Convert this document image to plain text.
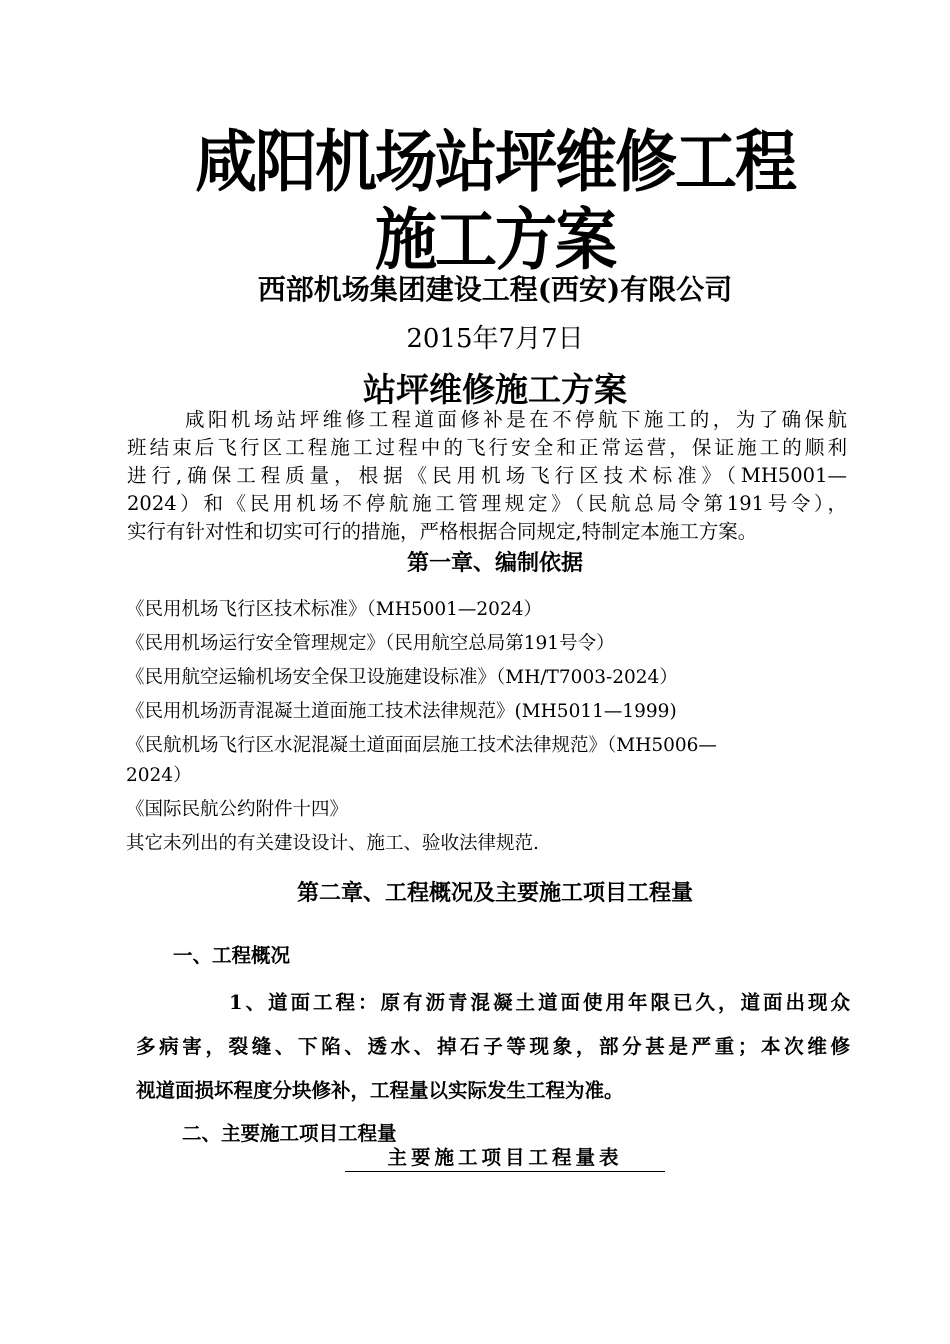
咸阳机场站坪维修工程
施工方案
西部机场集团建设工程(西安)有限公司
2015年7月7日
站坪维修施工方案

咸阳机场站坪维修工程道面修补是在不停航下施工的，为了确保航

班结束后飞行区工程施工过程中的飞行安全和正常运营，保证施工的顺利

进行,确保工程质量，根据《民用机场飞行区技术标准》（MH5001—

2024）和《民用机场不停航施工管理规定》（民航总局令第191号令），

实行有针对性和切实可行的措施，严格根据合同规定,特制定本施工方案。

第一章、编制依据
《民用机场飞行区技术标准》（MH5001—2024）
《民用机场运行安全管理规定》（民用航空总局第191号令）
《民用航空运输机场安全保卫设施建设标准》（MH/T7003-2024）
《民用机场沥青混凝土道面施工技术法律规范》(MH5011—1999)
《民航机场飞行区水泥混凝土道面面层施工技术法律规范》（MH5006—
2024）
《国际民航公约附件十四》
其它未列出的有关建设设计、施工、验收法律规范.
第二章、工程概况及主要施工项目工程量
一、工程概况

1、道面工程：原有沥青混凝土道面使用年限已久，道面出现众

多病害，裂缝、下陷、透水、掉石子等现象，部分甚是严重；本次维修

视道面损坏程度分块修补，工程量以实际发生工程为准。

二、主要施工项目工程量
主要施工项目工程量表
